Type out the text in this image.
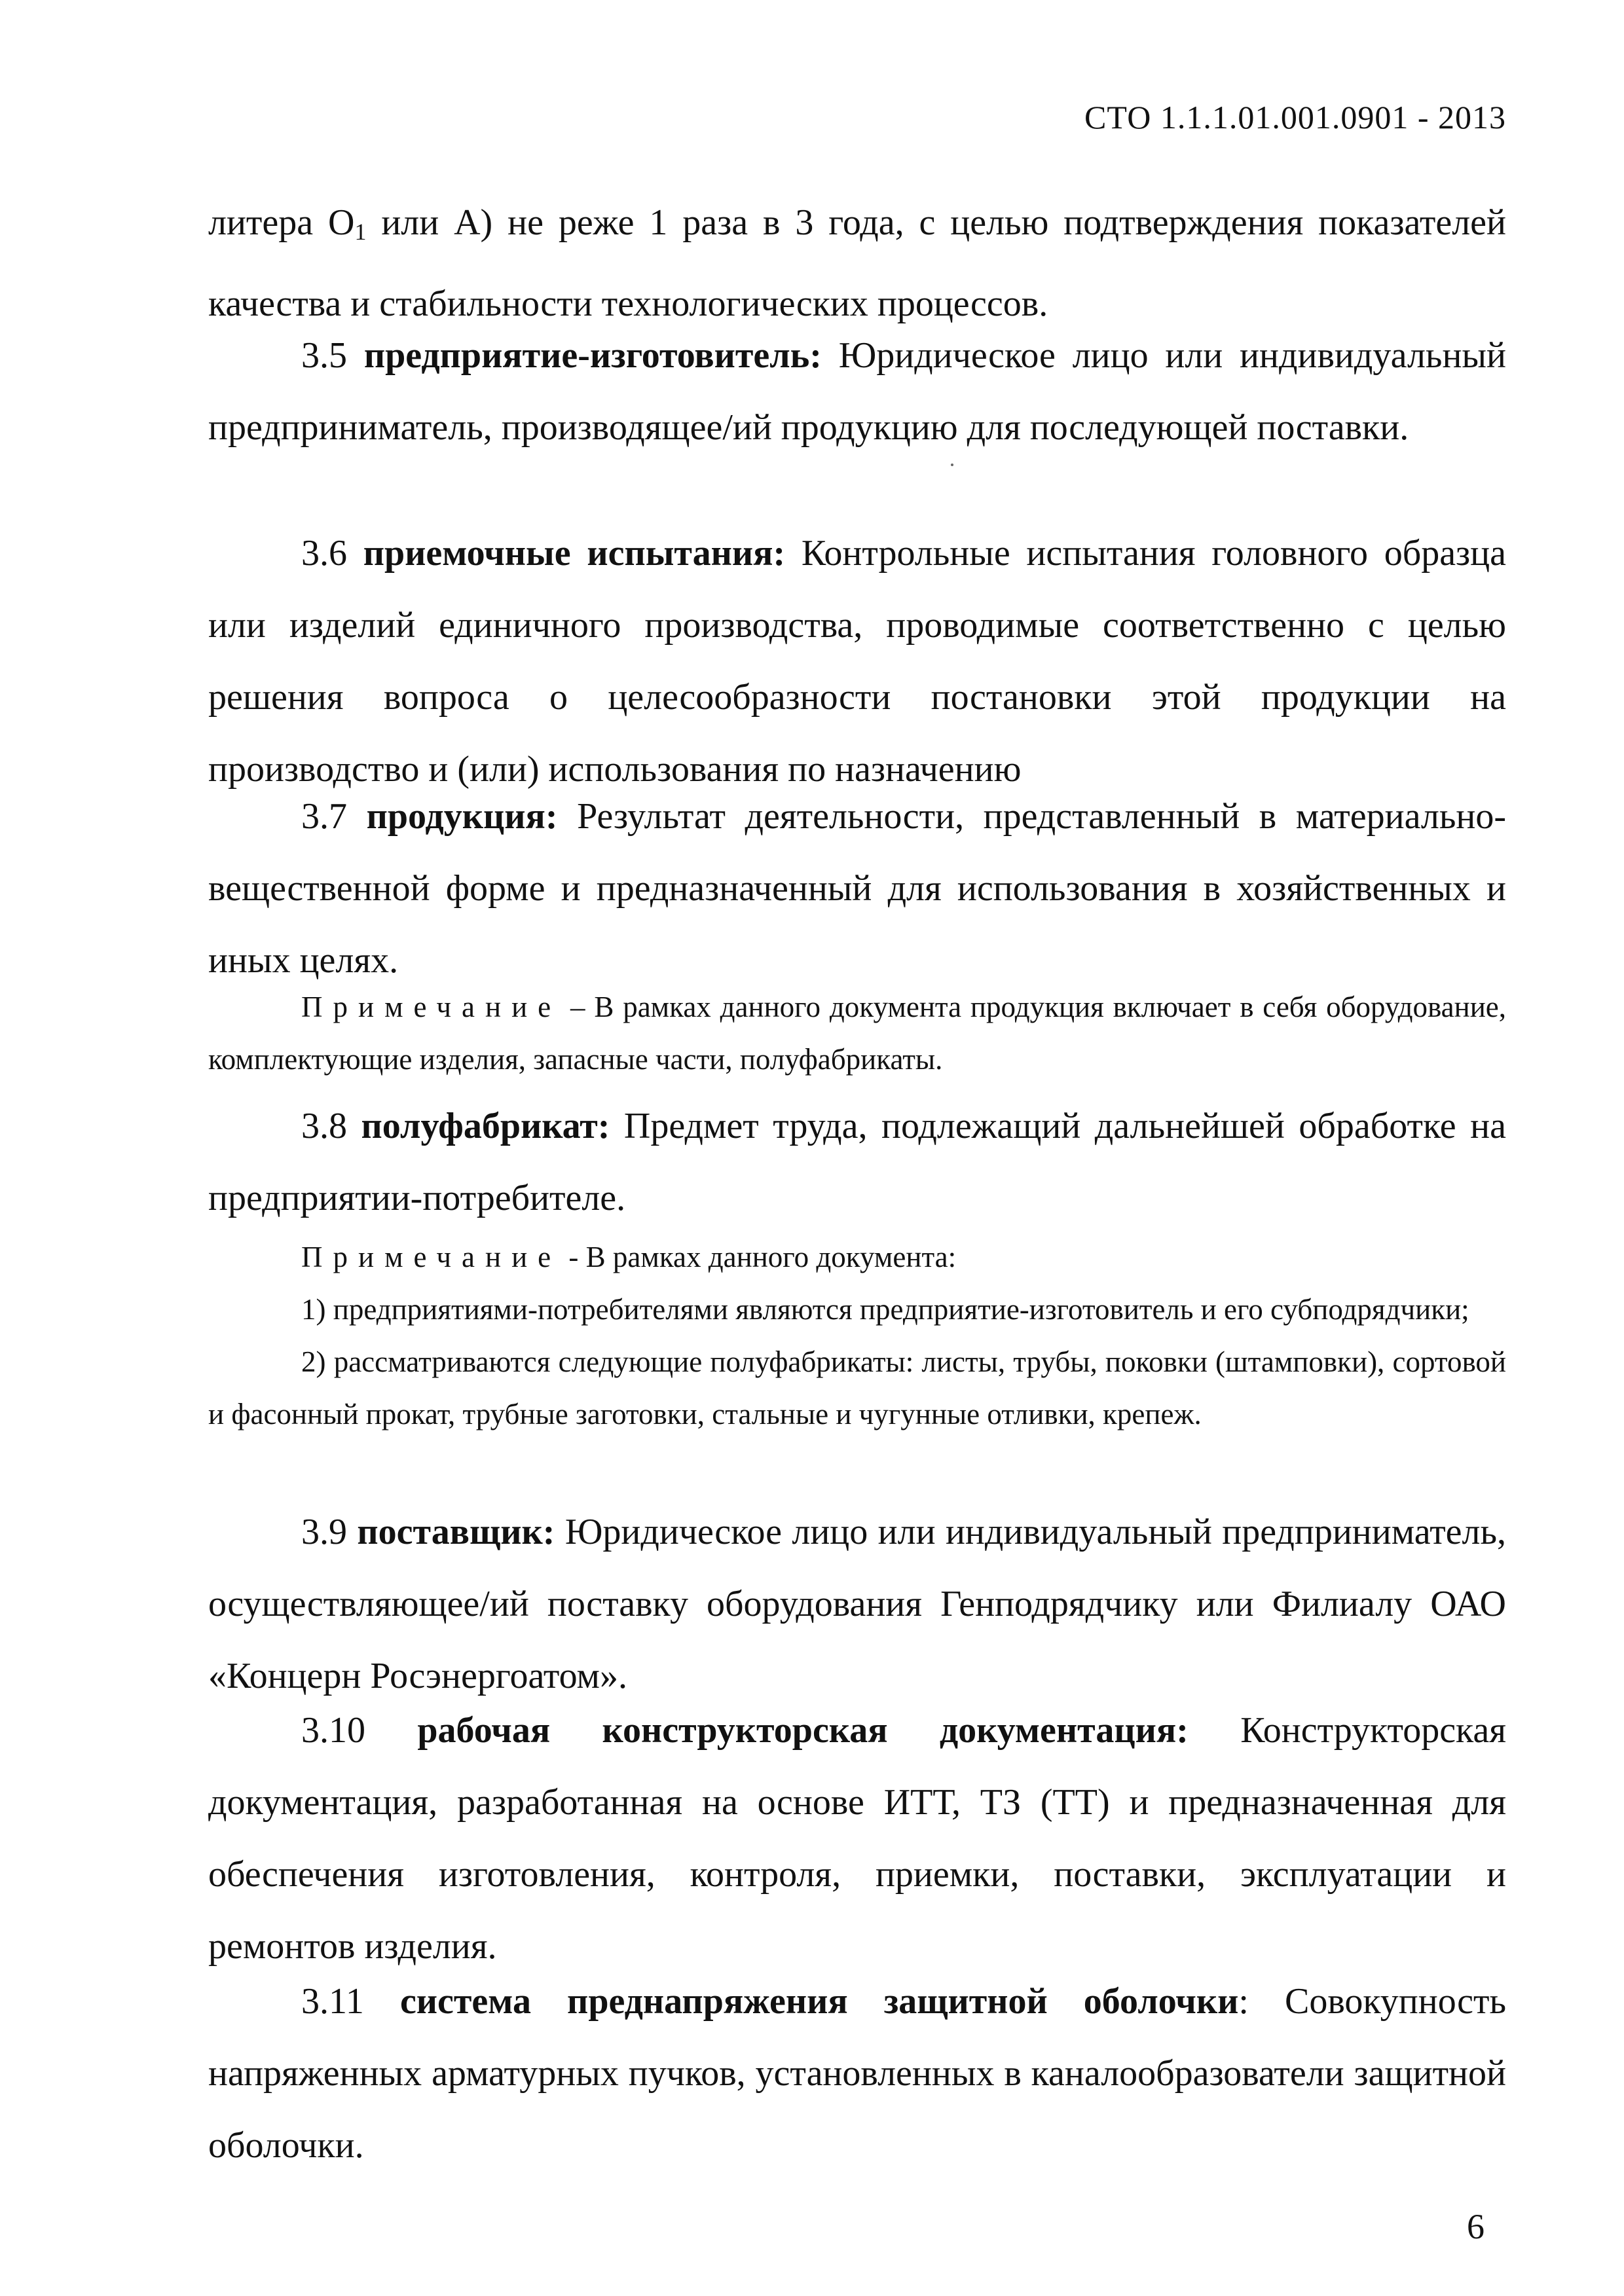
СТО 1.1.1.01.001.0901 - 2013

литера $О_1$ или А) не реже 1 раза в 3 года, с целью подтверждения показателей

качества и стабильности технологических процессов.

3.5 предприятие-изготовитель: Юридическое лицо или индивидуальный предприниматель, производящее/ий продукцию для последующей поставки.

3.6 приемочные испытания: Контрольные испытания головного образца или изделий единичного производства, проводимые соответственно с целью решения вопроса о целесообразности постановки этой продукции на производство и (или) использования по назначению

3.7 продукция: Результат деятельности, представленный в материально-вещественной форме и предназначенный для использования в хозяйственных и иных целях.

Примечание – В рамках данного документа продукция включает в себя оборудование, комплектующие изделия, запасные части, полуфабрикаты.

3.8 полуфабрикат: Предмет труда, подлежащий дальнейшей обработке на предприятии-потребителе.

Примечание - В рамках данного документа:

1) предприятиями-потребителями являются предприятие-изготовитель и его субподрядчики;

2) рассматриваются следующие полуфабрикаты: листы, трубы, поковки (штамповки), сортовой и фасонный прокат, трубные заготовки, стальные и чугунные отливки, крепеж.

3.9 поставщик: Юридическое лицо или индивидуальный предприниматель, осуществляющее/ий поставку оборудования Генподрядчику или Филиалу ОАО «Концерн Росэнергоатом».

3.10 рабочая конструкторская документация: Конструкторская документация, разработанная на основе ИТТ, ТЗ (ТТ) и предназначенная для обеспечения изготовления, контроля, приемки, поставки, эксплуатации и ремонтов изделия.

3.11 система преднапряжения защитной оболочки: Совокупность напряженных арматурных пучков, установленных в каналообразователи защитной оболочки.

6
